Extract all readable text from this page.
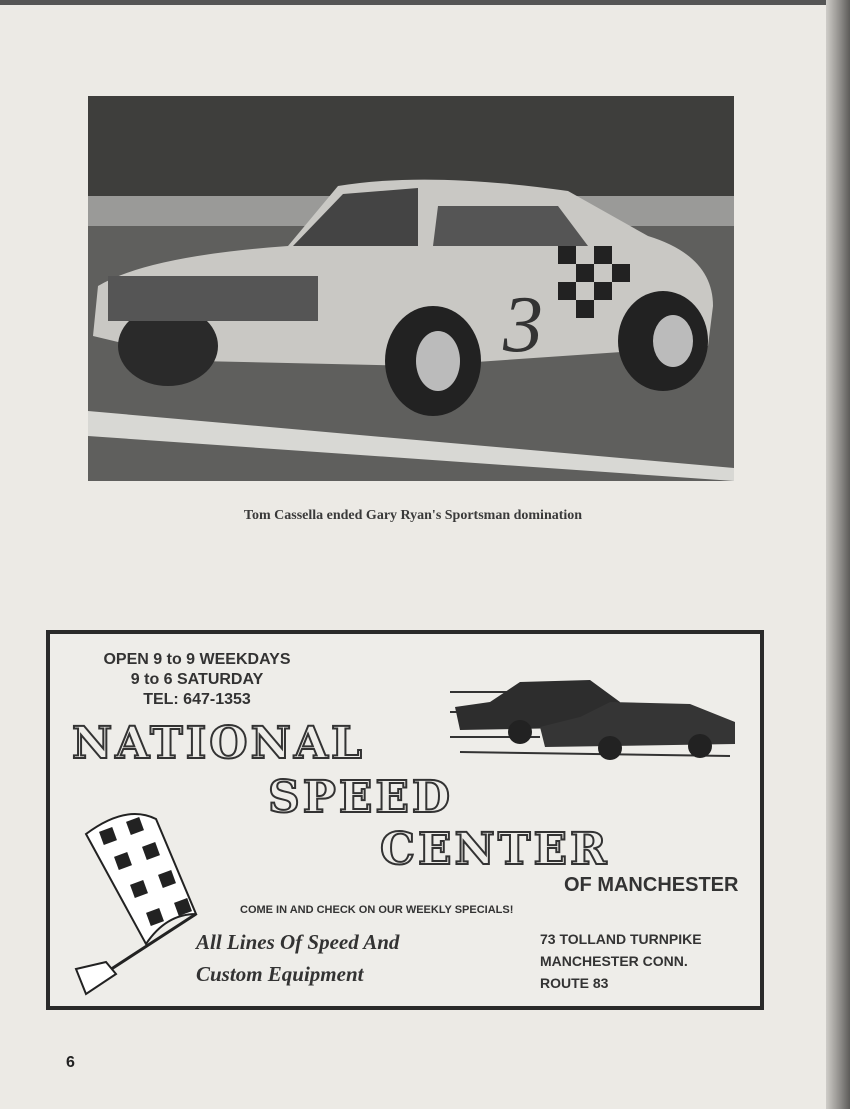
3
Tom Cassella ended Gary Ryan's Sportsman domination
OPEN 9 to 9 WEEKDAYS
9 to 6 SATURDAY
TEL: 647-1353
NATIONAL
SPEED
CENTER
OF MANCHESTER
COME IN AND CHECK ON OUR WEEKLY SPECIALS!
All Lines Of Speed And
Custom Equipment
73 TOLLAND TURNPIKE
MANCHESTER CONN.
ROUTE 83
6
